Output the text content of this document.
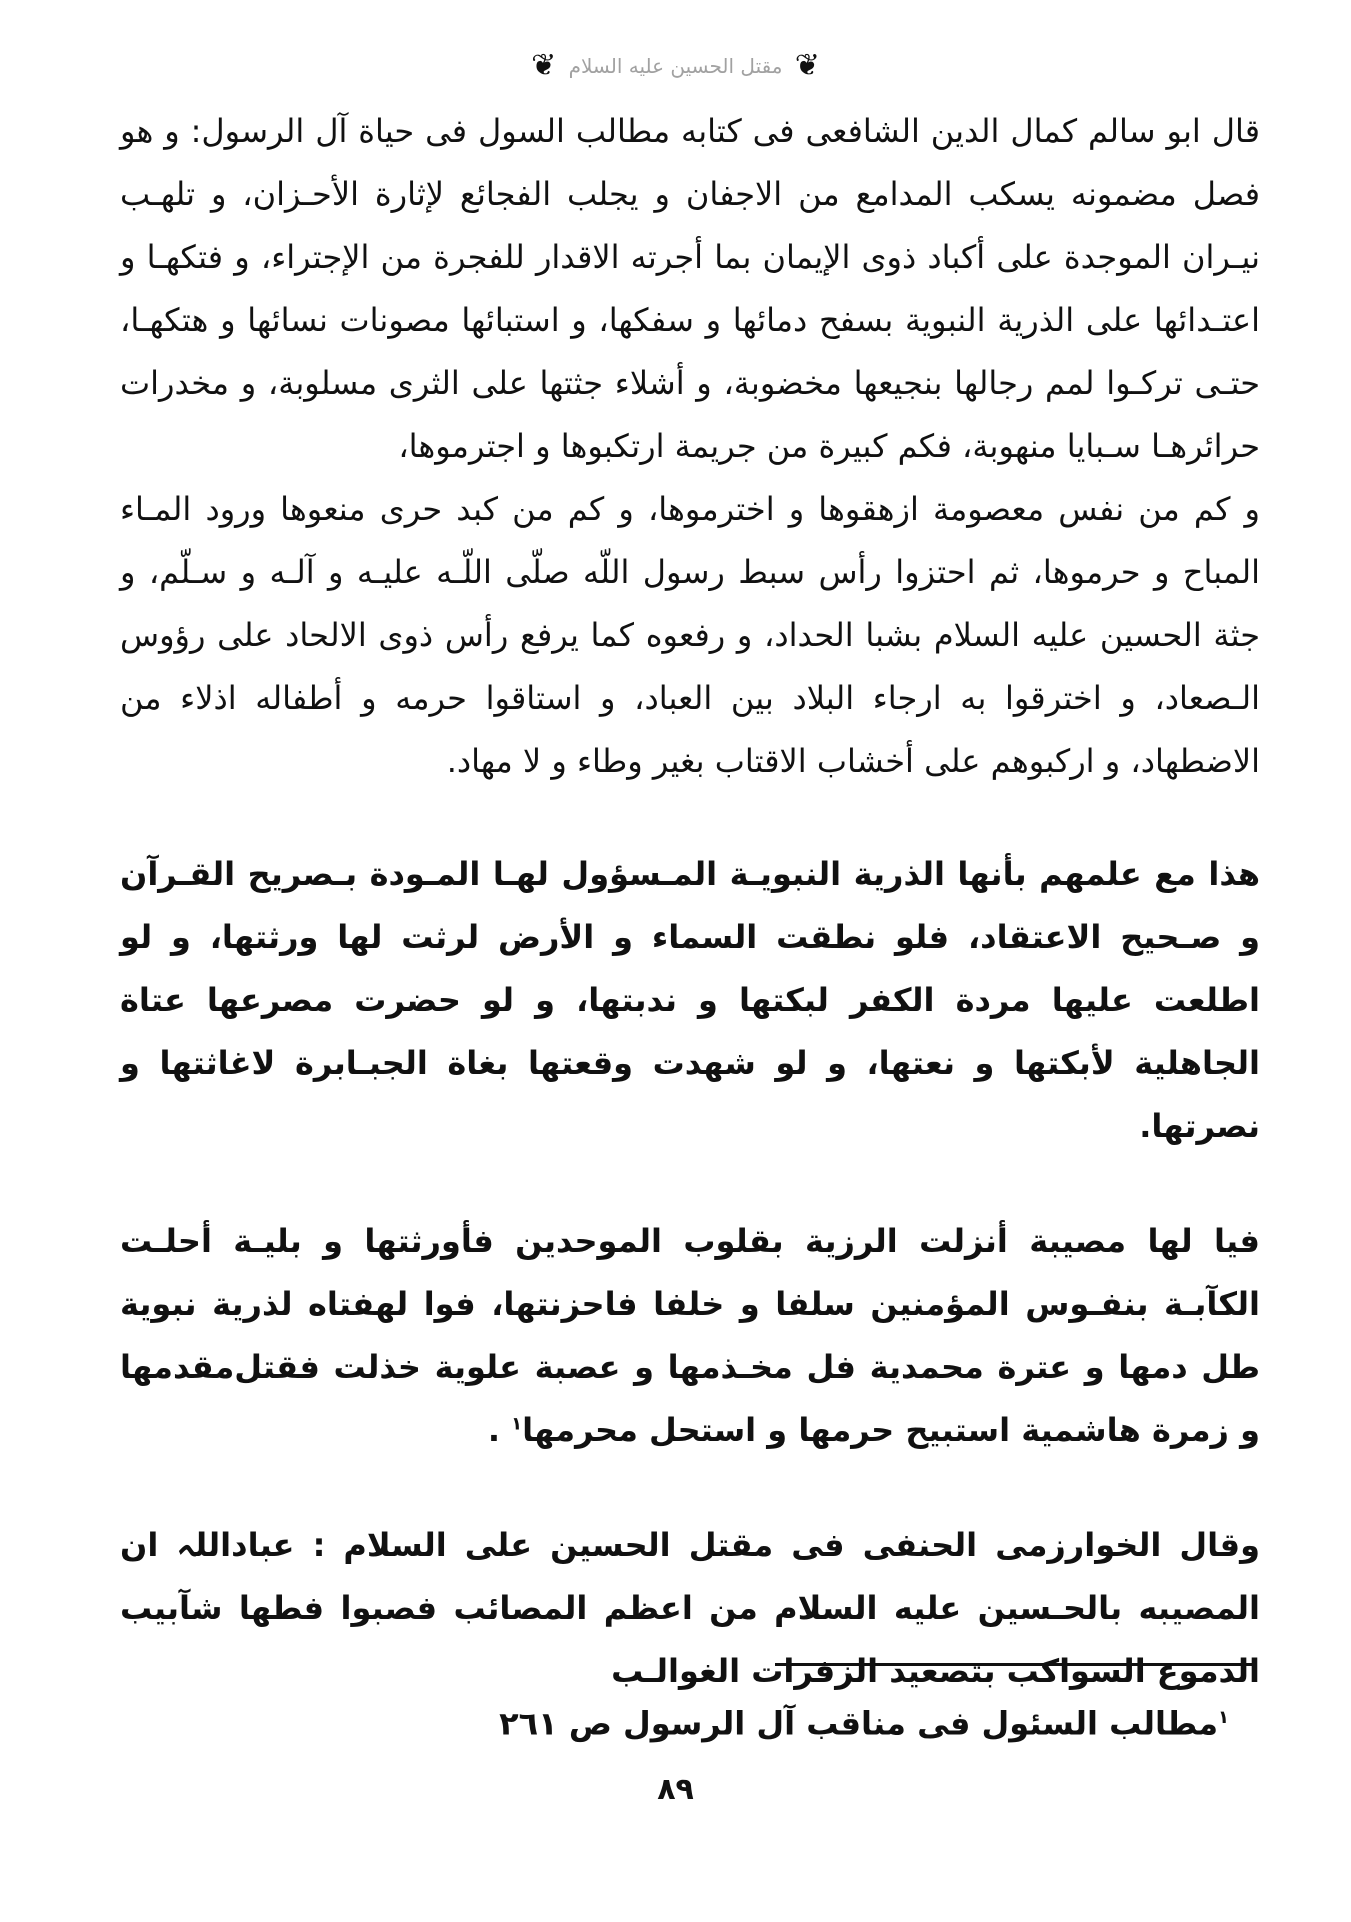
❦ مقتل الحسين عليه السلام ❦

قال ابو سالم كمال الدين الشافعى فى كتابه مطالب السول فى حياة آل الرسول: و هو فصل مضمونه يسكب المدامع من الاجفان و يجلب الفجائع لإثارة الأحـزان، و تلهـب نيـران الموجدة على أكباد ذوى الإيمان بما أجرته الاقدار للفجرة من الإجتراء، و فتكهـا و اعتـدائها على الذرية النبوية بسفح دمائها و سفكها، و استبائها مصونات نسائها و هتكهـا، حتـى تركـوا لمم رجالها بنجيعها مخضوبة، و أشلاء جثتها على الثرى مسلوبة، و مخدرات حرائرهـا سـبايا منهوبة، فكم كبيرة من جريمة ارتكبوها و اجترموها،

و كم من نفس معصومة ازهقوها و اخترموها، و كم من كبد حرى منعوها ورود المـاء المباح و حرموها، ثم احتزوا رأس سبط رسول اللّه صلّى اللّـه عليـه و آلـه و سـلّم، و جثة الحسين عليه السلام بشبا الحداد، و رفعوه كما يرفع رأس ذوى الالحاد على رؤوس الـصعاد، و اخترقوا به ارجاء البلاد بين العباد، و استاقوا حرمه و أطفاله اذلاء من الاضطهاد، و اركبوهم على أخشاب الاقتاب بغير وطاء و لا مهاد.

هذا مع علمهم بأنها الذرية النبويـة المـسؤول لهـا المـودة بـصريح القـرآن و صـحيح الاعتقاد، فلو نطقت السماء و الأرض لرثت لها ورثتها، و لو اطلعت عليها مردة الكفر لبكتها و ندبتها، و لو حضرت مصرعها عتاة الجاهلية لأبكتها و نعتها، و لو شهدت وقعتها بغاة الجبـابرة لاغاثتها و نصرتها.

فيا لها مصيبة أنزلت الرزية بقلوب الموحدين فأورثتها و بليـة أحلـت الكآبـة بنفـوس المؤمنين سلفا و خلفا فاحزنتها، فوا لهفتاه لذرية نبوية طل دمها و عترة محمدية فل مخـذمها و عصبة علوية خذلت فقتل‌مقدمها و زمرة هاشمية استبيح حرمها و استحل محرمها$^١$ .

وقال الخوارزمى الحنفى فى مقتل الحسين على السلام : عباداللہ ان المصيبه بالحـسين عليه السلام من اعظم المصائب فصبوا فطها شآبيب الدموع السواكب بتصعيد الزفرات الغوالـب

$^١$مطالب السئول فى مناقب آل الرسول ص ٢٦١
٨٩
